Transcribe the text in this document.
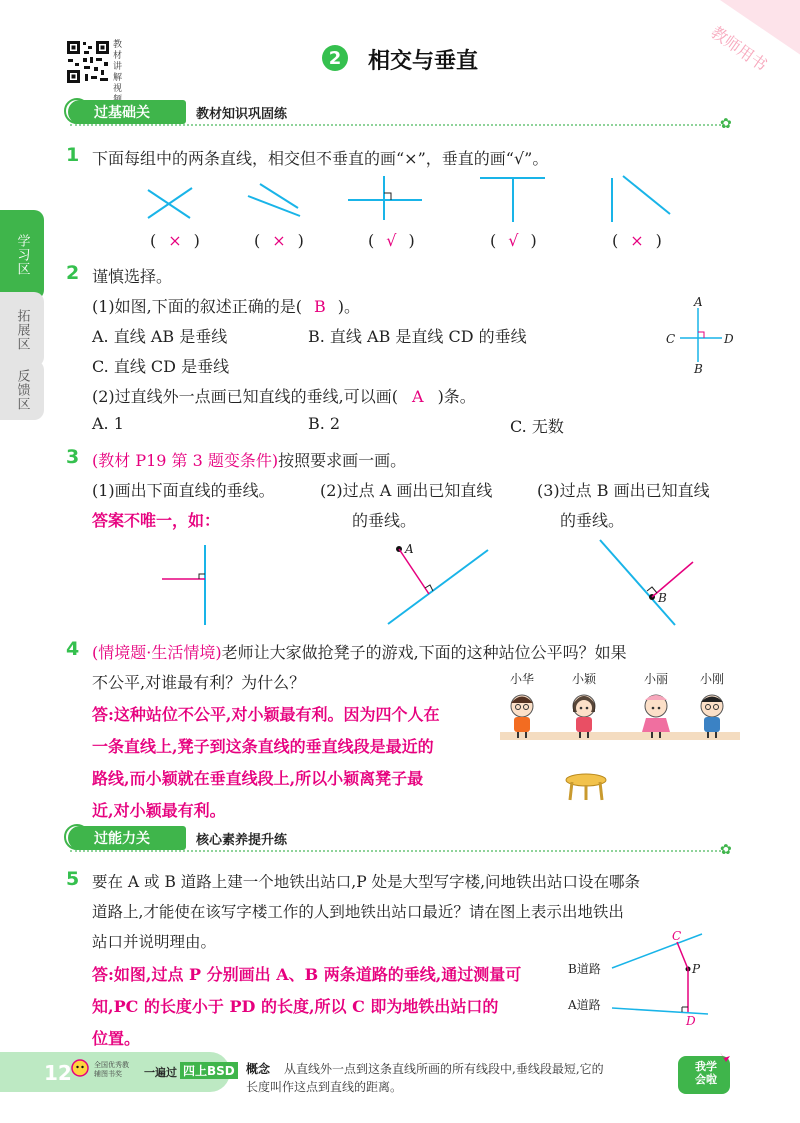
教材讲解视
2 相交与垂直	教师用书
学习区
拓展区
反馈区
过基础关	教材知识巩固练
✿
1 下面每组中的两条直线，相交但不垂直的画“×”，垂直的画“√”。
( × )	( × )	( √ )	( √ )	( × )
2 谨慎选择。
(1)如图,下面的叙述正确的是( B )。
A. 直线 AB 是垂线	B. 直线 AB 是直线 CD 的垂线
C. 直线 CD 是垂线
(2)过直线外一点画已知直线的垂线,可以画( A )条。
A. 1	B. 2	C. 无数
A
C	D
B
3 (教材 P19 第 3 题变条件)按照要求画一画。
(1)画出下面直线的垂线。	(2)过点 A 画出已知直线
的垂线。
(3)过点 B 画出已知直线
的垂线。
答案不唯一，如：
A
B
4 (情境题·生活情境)老师让大家做抢凳子的游戏,下面的这种站位公平吗？如果
不公平,对谁最有利？为什么？
答:这种站位不公平,对小颖最有利。因为四个人在
一条直线上,凳子到这条直线的垂直线段是最近的
路线,而小颖就在垂直线段上,所以小颖离凳子最
近,对小颖最有利。
小华	小颖	小丽	小刚
过能力关	核心素养提升练
✿
5 要在 A 或 B 道路上建一个地铁出站口,P 处是大型写字楼,问地铁出站口设在哪条
道路上,才能使在该写字楼工作的人到地铁出站口最近？请在图上表示出地铁出
站口并说明理由。
答:如图,过点 P 分别画出 A、B 两条道路的垂线,通过测量可
知,PC 的长度小于 PD 的长度,所以 C 即为地铁出站口的
位置。
B道路
A道路
C
P
D
12	全国优秀教
辅图书奖	一遍过 四上BSD 概念 从直线外一点到这条直线所画的所有线段中,垂线段最短,它的
长度叫作这点到直线的距离。
我学
会啦
